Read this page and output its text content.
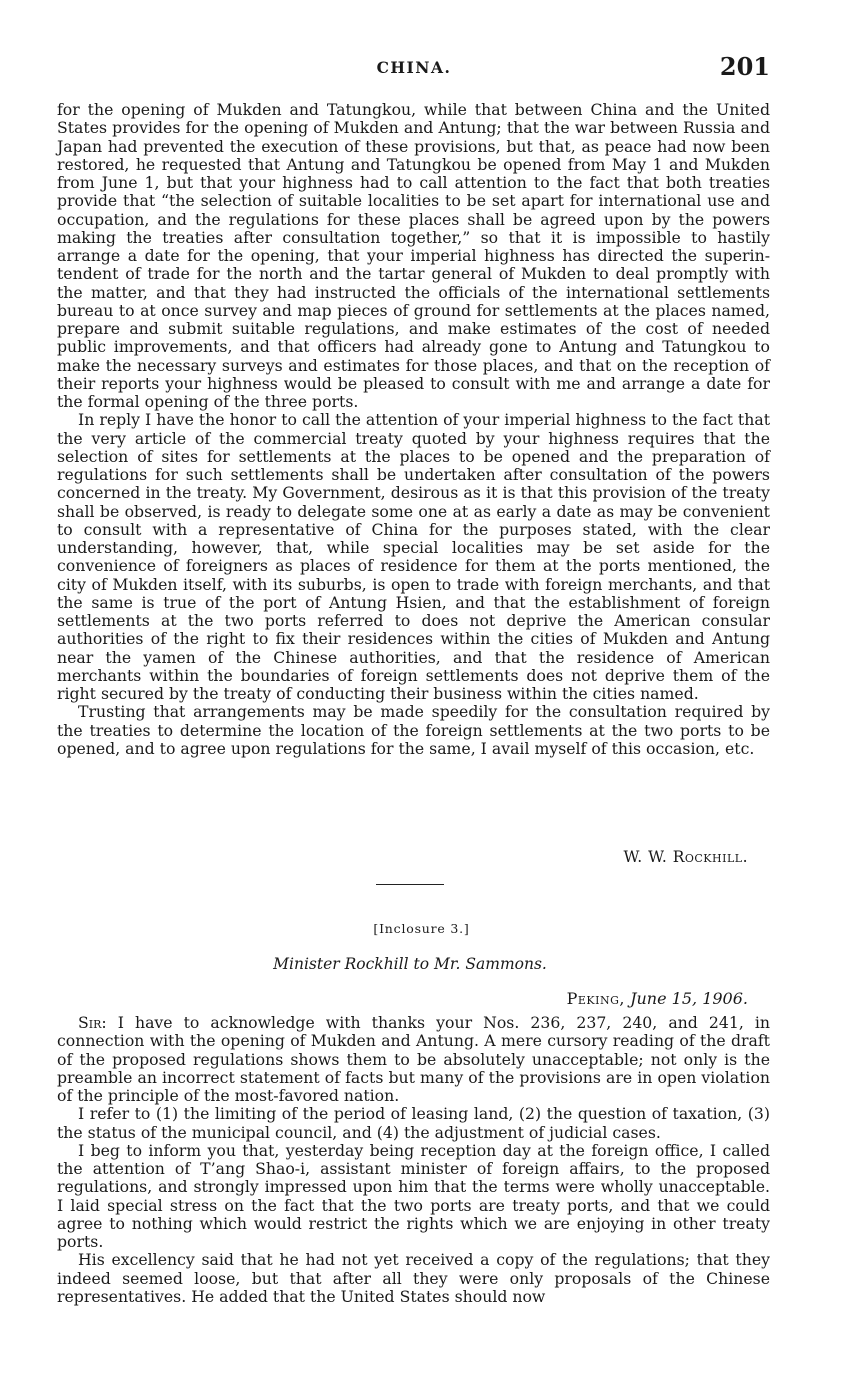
CHINA.	201

for the opening of Mukden and Tatungkou, while that between China and the United States provides for the opening of Mukden and Antung; that the war between Russia and Japan had prevented the execution of these provisions, but that, as peace had now been restored, he requested that Antung and Tatungkou be opened from May 1 and Mukden from June 1, but that your highness had to call attention to the fact that both treaties provide that “the selection of suitable localities to be set apart for international use and occupation, and the regulations for these places shall be agreed upon by the powers making the treaties after consultation together,” so that it is impossible to hastily arrange a date for the opening, that your imperial highness has directed the superintendent of trade for the north and the tartar general of Mukden to deal promptly with the matter, and that they had instructed the officials of the international settlements bureau to at once survey and map pieces of ground for settlements at the places named, prepare and submit suitable regulations, and make estimates of the cost of needed public improvements, and that officers had already gone to Antung and Tatungkou to make the necessary surveys and estimates for those places, and that on the reception of their reports your highness would be pleased to consult with me and arrange a date for the formal opening of the three ports.

In reply I have the honor to call the attention of your imperial highness to the fact that the very article of the commercial treaty quoted by your highness requires that the selection of sites for settlements at the places to be opened and the preparation of regulations for such settlements shall be undertaken after consultation of the powers concerned in the treaty. My Government, desirous as it is that this provision of the treaty shall be observed, is ready to delegate some one at as early a date as may be convenient to consult with a representative of China for the purposes stated, with the clear understanding, however, that, while special localities may be set aside for the convenience of foreigners as places of residence for them at the ports mentioned, the city of Mukden itself, with its suburbs, is open to trade with foreign merchants, and that the same is true of the port of Antung Hsien, and that the establishment of foreign settlements at the two ports referred to does not deprive the American consular authorities of the right to fix their residences within the cities of Mukden and Antung near the yamen of the Chinese authorities, and that the residence of American merchants within the boundaries of foreign settlements does not deprive them of the right secured by the treaty of conducting their business within the cities named.

Trusting that arrangements may be made speedily for the consultation required by the treaties to determine the location of the foreign settlements at the two ports to be opened, and to agree upon regulations for the same, I avail myself of this occasion, etc.

W. W. Rockhill.
[Inclosure 3.]
Minister Rockhill to Mr. Sammons.
Peking, June 15, 1906.

Sir: I have to acknowledge with thanks your Nos. 236, 237, 240, and 241, in connection with the opening of Mukden and Antung. A mere cursory reading of the draft of the proposed regulations shows them to be absolutely unacceptable; not only is the preamble an incorrect statement of facts but many of the provisions are in open violation of the principle of the most-favored nation.

I refer to (1) the limiting of the period of leasing land, (2) the question of taxation, (3) the status of the municipal council, and (4) the adjustment of judicial cases.

I beg to inform you that, yesterday being reception day at the foreign office, I called the attention of T’ang Shao-i, assistant minister of foreign affairs, to the proposed regulations, and strongly impressed upon him that the terms were wholly unacceptable. I laid special stress on the fact that the two ports are treaty ports, and that we could agree to nothing which would restrict the rights which we are enjoying in other treaty ports.

His excellency said that he had not yet received a copy of the regulations; that they indeed seemed loose, but that after all they were only proposals of the Chinese representatives. He added that the United States should now
